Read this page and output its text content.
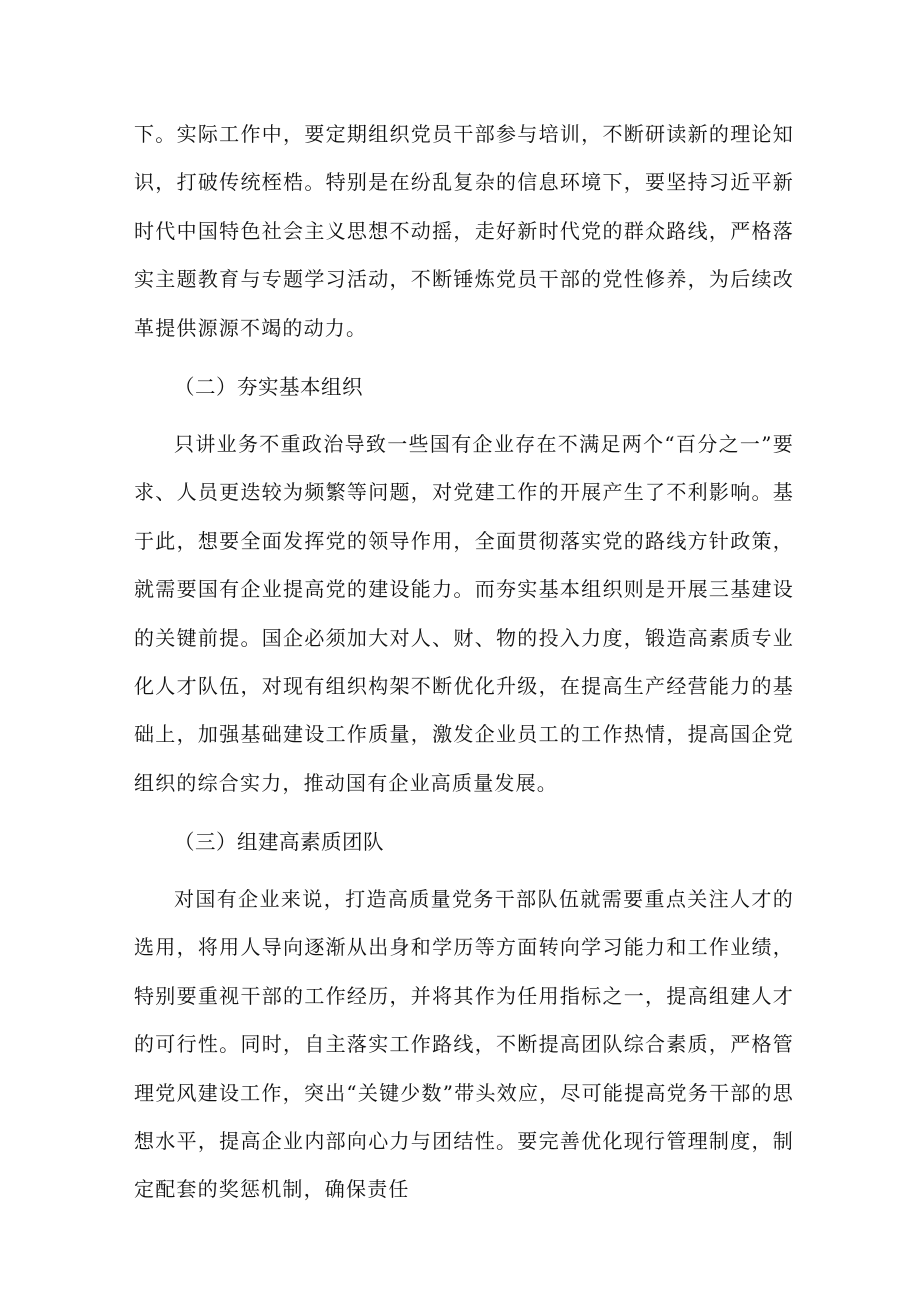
下。实际工作中，要定期组织党员干部参与培训，不断研读新的理论知识，打破传统桎梏。特别是在纷乱复杂的信息环境下，要坚持习近平新时代中国特色社会主义思想不动摇，走好新时代党的群众路线，严格落实主题教育与专题学习活动，不断锤炼党员干部的党性修养，为后续改革提供源源不竭的动力。

（二）夯实基本组织

只讲业务不重政治导致一些国有企业存在不满足两个“百分之一”要求、人员更迭较为频繁等问题，对党建工作的开展产生了不利影响。基于此，想要全面发挥党的领导作用，全面贯彻落实党的路线方针政策，就需要国有企业提高党的建设能力。而夯实基本组织则是开展三基建设的关键前提。国企必须加大对人、财、物的投入力度，锻造高素质专业化人才队伍，对现有组织构架不断优化升级，在提高生产经营能力的基础上，加强基础建设工作质量，激发企业员工的工作热情，提高国企党组织的综合实力，推动国有企业高质量发展。

（三）组建高素质团队

对国有企业来说，打造高质量党务干部队伍就需要重点关注人才的选用，将用人导向逐渐从出身和学历等方面转向学习能力和工作业绩，特别要重视干部的工作经历，并将其作为任用指标之一，提高组建人才的可行性。同时，自主落实工作路线，不断提高团队综合素质，严格管理党风建设工作，突出“关键少数”带头效应，尽可能提高党务干部的思想水平，提高企业内部向心力与团结性。要完善优化现行管理制度，制定配套的奖惩机制，确保责任
